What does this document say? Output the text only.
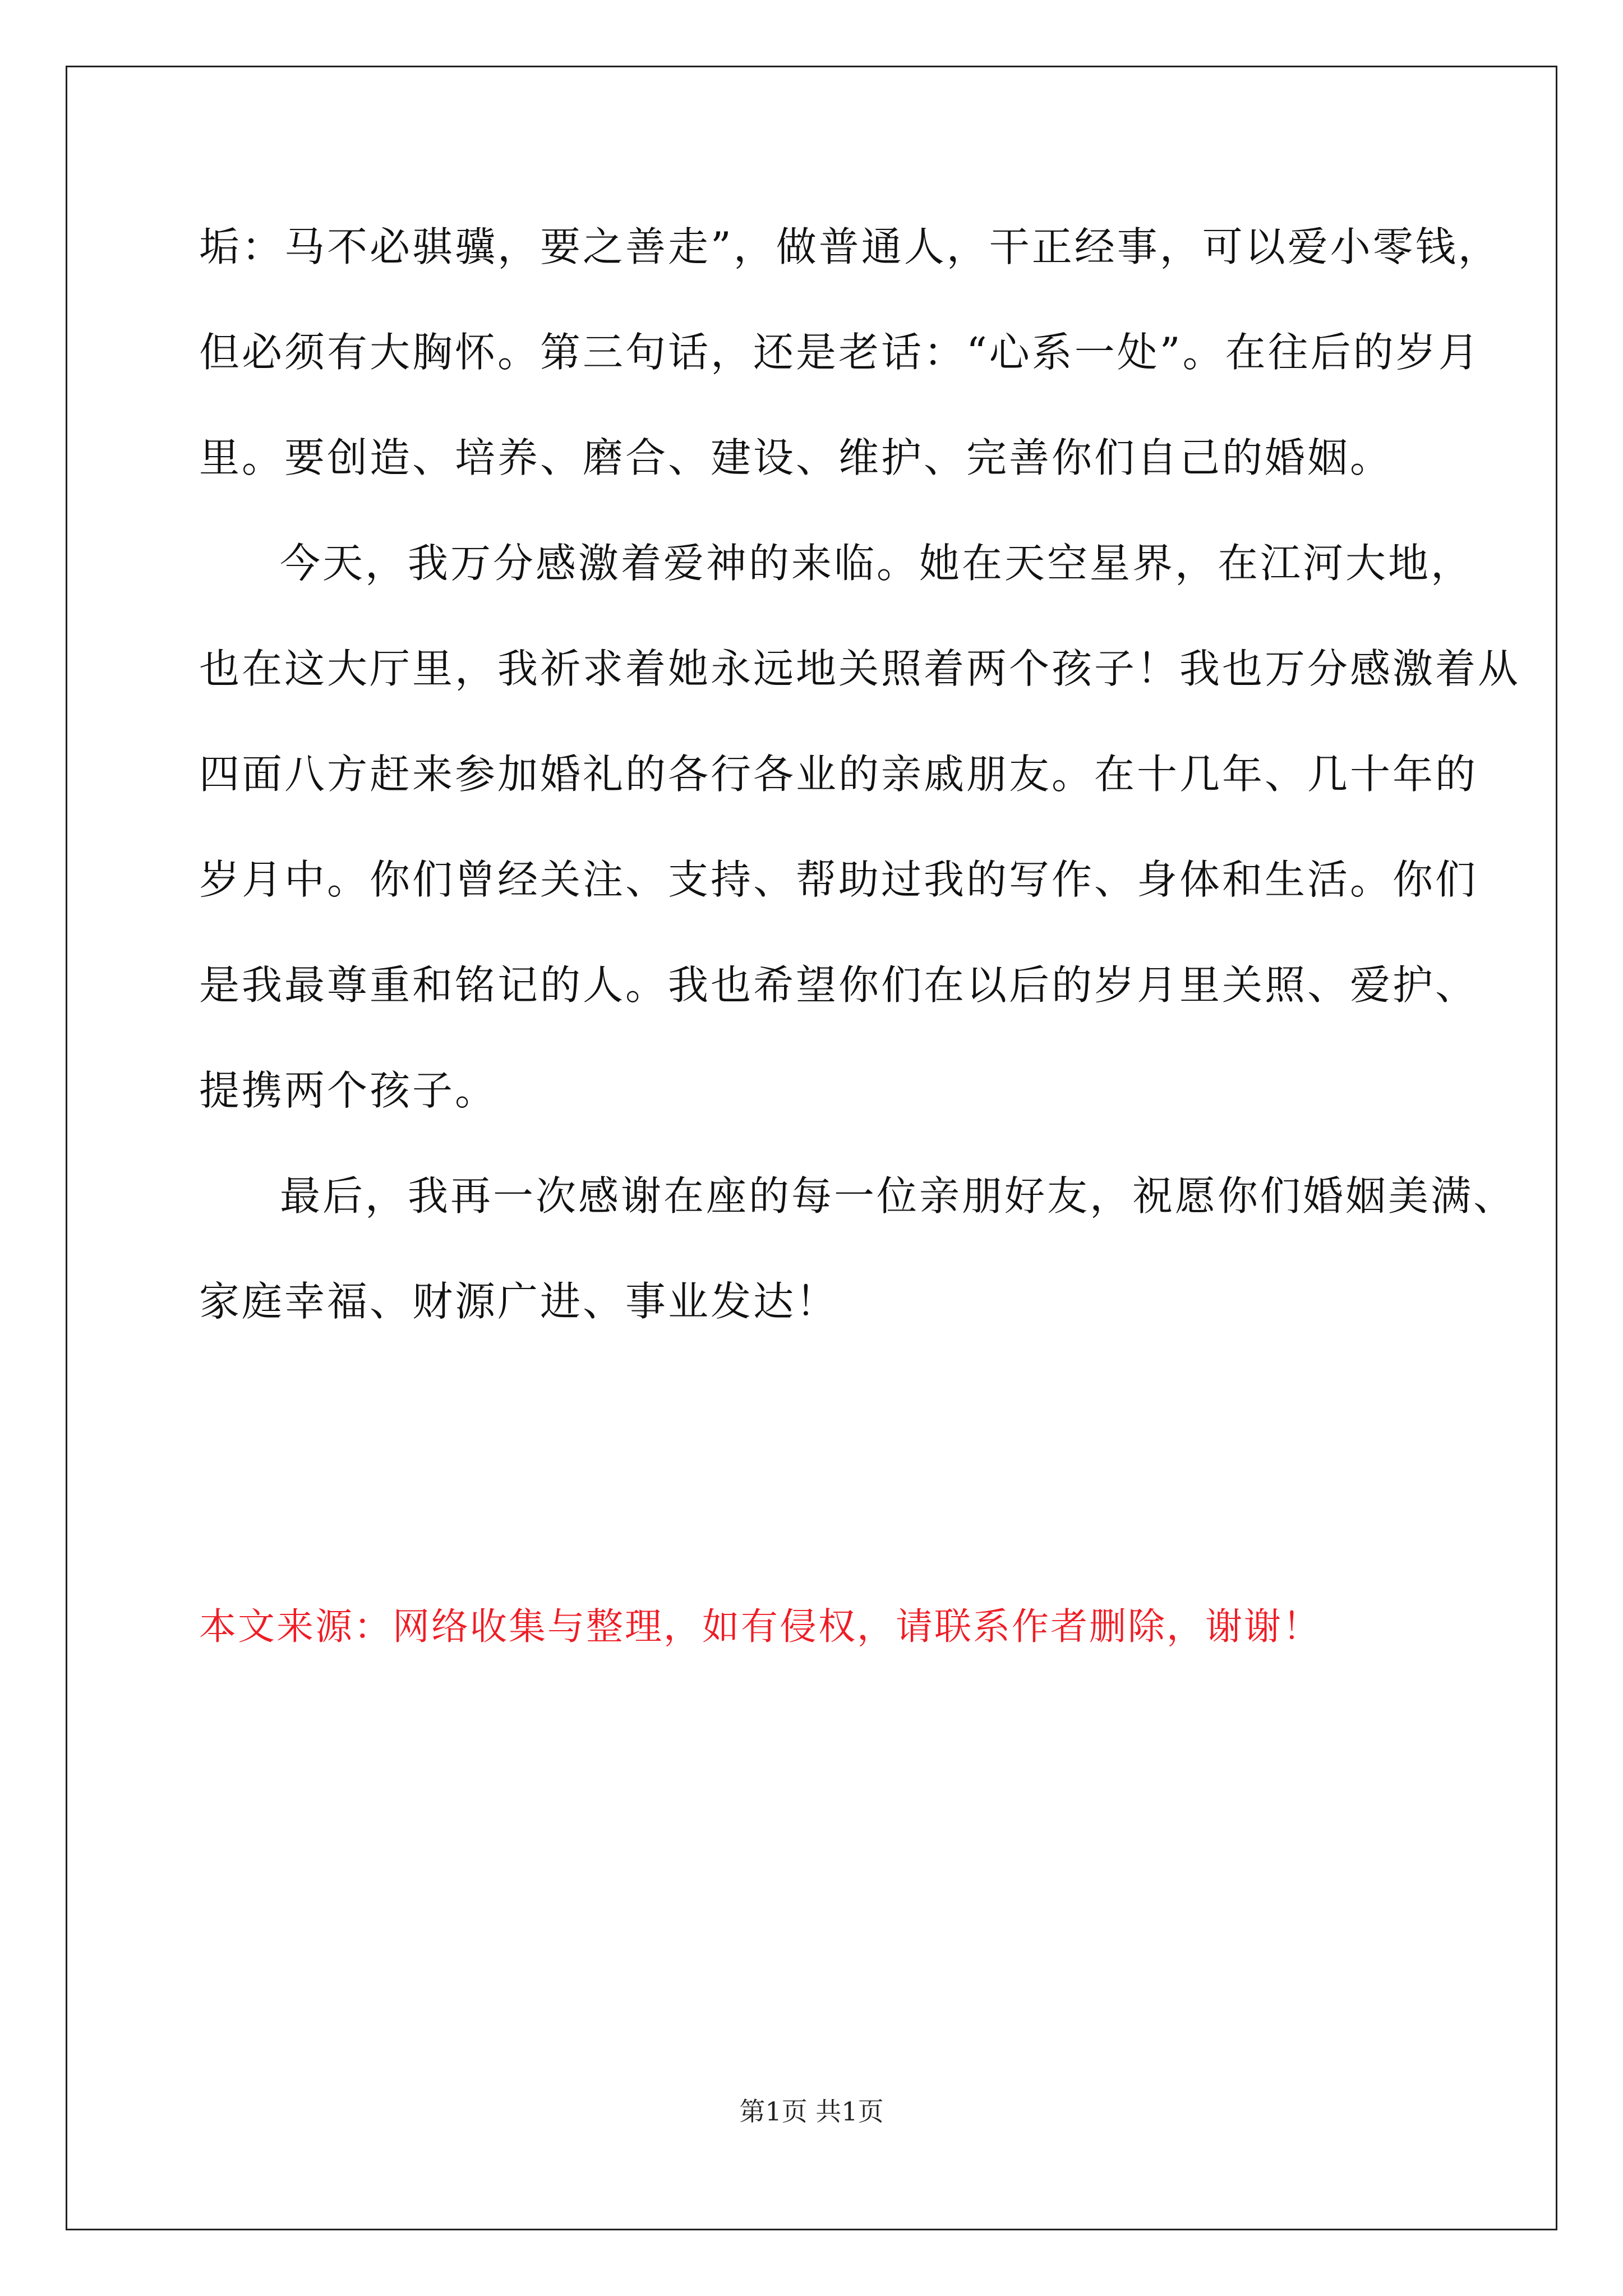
垢：马不必骐骥，要之善走”，做普通人，干正经事，可以爱小零钱，
但必须有大胸怀。第三句话，还是老话：“心系一处”。在往后的岁月
里。要创造、培养、磨合、建设、维护、完善你们自己的婚姻。
今天，我万分感激着爱神的来临。她在天空星界，在江河大地，
也在这大厅里，我祈求着她永远地关照着两个孩子！我也万分感激着从
四面八方赶来参加婚礼的各行各业的亲戚朋友。在十几年、几十年的
岁月中。你们曾经关注、支持、帮助过我的写作、身体和生活。你们
是我最尊重和铭记的人。我也希望你们在以后的岁月里关照、爱护、
提携两个孩子。
最后，我再一次感谢在座的每一位亲朋好友，祝愿你们婚姻美满、
家庭幸福、财源广进、事业发达！
本文来源：网络收集与整理，如有侵权，请联系作者删除，谢谢！
第1页 共1页
